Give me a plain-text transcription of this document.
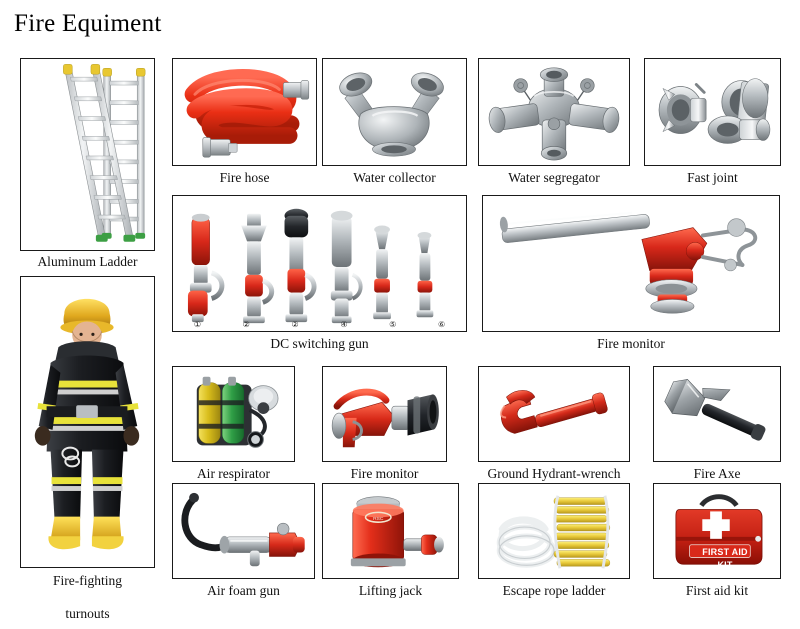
Fire Equiment
Aluminum Ladder
Fire hose	Water collector	Water segregator	Fast joint
①	②	②	④	⑤	⑥
DC switching gun	Fire monitor
Fire-fighting
turnouts
Air respirator	Fire monitor	Ground Hydrant-wrench	Fire Axe
Air foam gun
RSC
Lifting jack	Escape rope ladder
FIRST AID KIT
First aid kit
